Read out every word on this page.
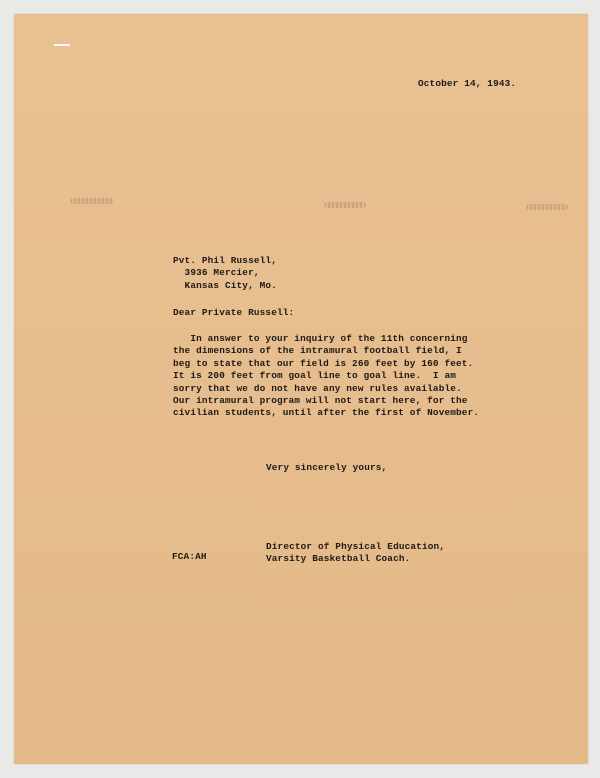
October 14, 1943.
Pvt. Phil Russell,
3936 Mercier,
Kansas City, Mo.
Dear Private Russell:
In answer to your inquiry of the 11th concerning
the dimensions of the intramural football field, I
beg to state that our field is 260 feet by 160 feet.
It is 200 feet from goal line to goal line.  I am
sorry that we do not have any new rules available.
Our intramural program will not start here, for the
civilian students, until after the first of November.
Very sincerely yours,
Director of Physical Education,
Varsity Basketball Coach.
FCA:AH
